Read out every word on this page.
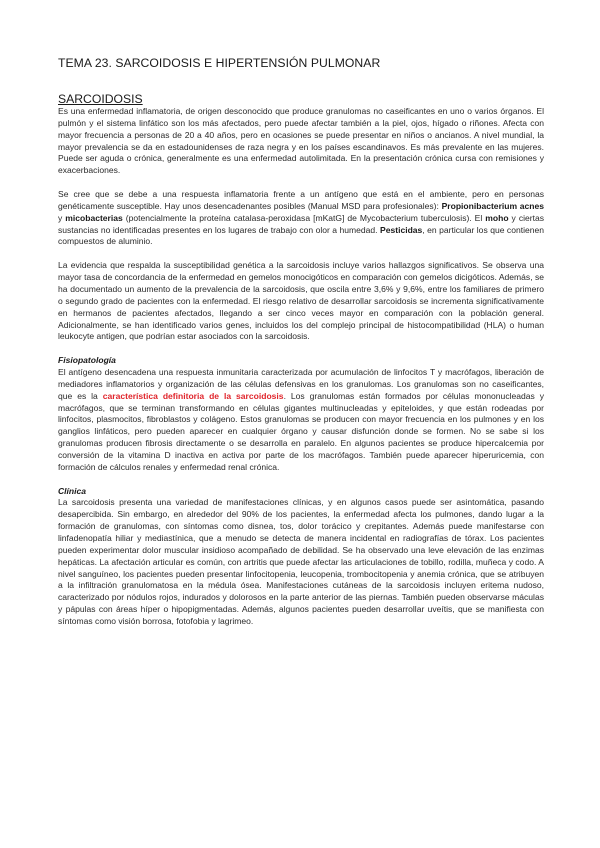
TEMA 23. SARCOIDOSIS E HIPERTENSIÓN PULMONAR
SARCOIDOSIS

Es una enfermedad inflamatoria, de origen desconocido que produce granulomas no caseificantes en uno o varios órganos. El pulmón y el sistema linfático son los más afectados, pero puede afectar también a la piel, ojos, hígado o riñones. Afecta con mayor frecuencia a personas de 20 a 40 años, pero en ocasiones se puede presentar en niños o ancianos. A nivel mundial, la mayor prevalencia se da en estadounidenses de raza negra y en los países escandinavos. Es más prevalente en las mujeres. Puede ser aguda o crónica, generalmente es una enfermedad autolimitada. En la presentación crónica cursa con remisiones y exacerbaciones.

Se cree que se debe a una respuesta inflamatoria frente a un antígeno que está en el ambiente, pero en personas genéticamente susceptible. Hay unos desencadenantes posibles (Manual MSD para profesionales): Propionibacterium acnes y micobacterias (potencialmente la proteína catalasa-peroxidasa [mKatG] de Mycobacterium tuberculosis). El moho y ciertas sustancias no identificadas presentes en los lugares de trabajo con olor a humedad. Pesticidas, en particular los que contienen compuestos de aluminio.

La evidencia que respalda la susceptibilidad genética a la sarcoidosis incluye varios hallazgos significativos. Se observa una mayor tasa de concordancia de la enfermedad en gemelos monocigóticos en comparación con gemelos dicigóticos. Además, se ha documentado un aumento de la prevalencia de la sarcoidosis, que oscila entre 3,6% y 9,6%, entre los familiares de primero o segundo grado de pacientes con la enfermedad. El riesgo relativo de desarrollar sarcoidosis se incrementa significativamente en hermanos de pacientes afectados, llegando a ser cinco veces mayor en comparación con la población general. Adicionalmente, se han identificado varios genes, incluidos los del complejo principal de histocompatibilidad (HLA) o human leukocyte antigen, que podrían estar asociados con la sarcoidosis.

Fisiopatología

El antígeno desencadena una respuesta inmunitaria caracterizada por acumulación de linfocitos T y macrófagos, liberación de mediadores inflamatorios y organización de las células defensivas en los granulomas. Los granulomas son no caseificantes, que es la característica definitoria de la sarcoidosis. Los granulomas están formados por células mononucleadas y macrófagos, que se terminan transformando en células gigantes multinucleadas y epiteloides, y que están rodeadas por linfocitos, plasmocitos, fibroblastos y colágeno. Estos granulomas se producen con mayor frecuencia en los pulmones y en los ganglios linfáticos, pero pueden aparecer en cualquier órgano y causar disfunción donde se formen. No se sabe si los granulomas producen fibrosis directamente o se desarrolla en paralelo. En algunos pacientes se produce hipercalcemia por conversión de la vitamina D inactiva en activa por parte de los macrófagos. También puede aparecer hiperuricemia, con formación de cálculos renales y enfermedad renal crónica.

Clínica

La sarcoidosis presenta una variedad de manifestaciones clínicas, y en algunos casos puede ser asintomática, pasando desapercibida. Sin embargo, en alrededor del 90% de los pacientes, la enfermedad afecta los pulmones, dando lugar a la formación de granulomas, con síntomas como disnea, tos, dolor torácico y crepitantes. Además puede manifestarse con linfadenopatía hiliar y mediastínica, que a menudo se detecta de manera incidental en radiografías de tórax. Los pacientes pueden experimentar dolor muscular insidioso acompañado de debilidad. Se ha observado una leve elevación de las enzimas hepáticas. La afectación articular es común, con artritis que puede afectar las articulaciones de tobillo, rodilla, muñeca y codo. A nivel sanguíneo, los pacientes pueden presentar linfocitopenia, leucopenia, trombocitopenia y anemia crónica, que se atribuyen a la infiltración granulomatosa en la médula ósea. Manifestaciones cutáneas de la sarcoidosis incluyen eritema nudoso, caracterizado por nódulos rojos, indurados y dolorosos en la parte anterior de las piernas. También pueden observarse máculas y pápulas con áreas híper o hipopigmentadas. Además, algunos pacientes pueden desarrollar uveítis, que se manifiesta con síntomas como visión borrosa, fotofobia y lagrimeo.
